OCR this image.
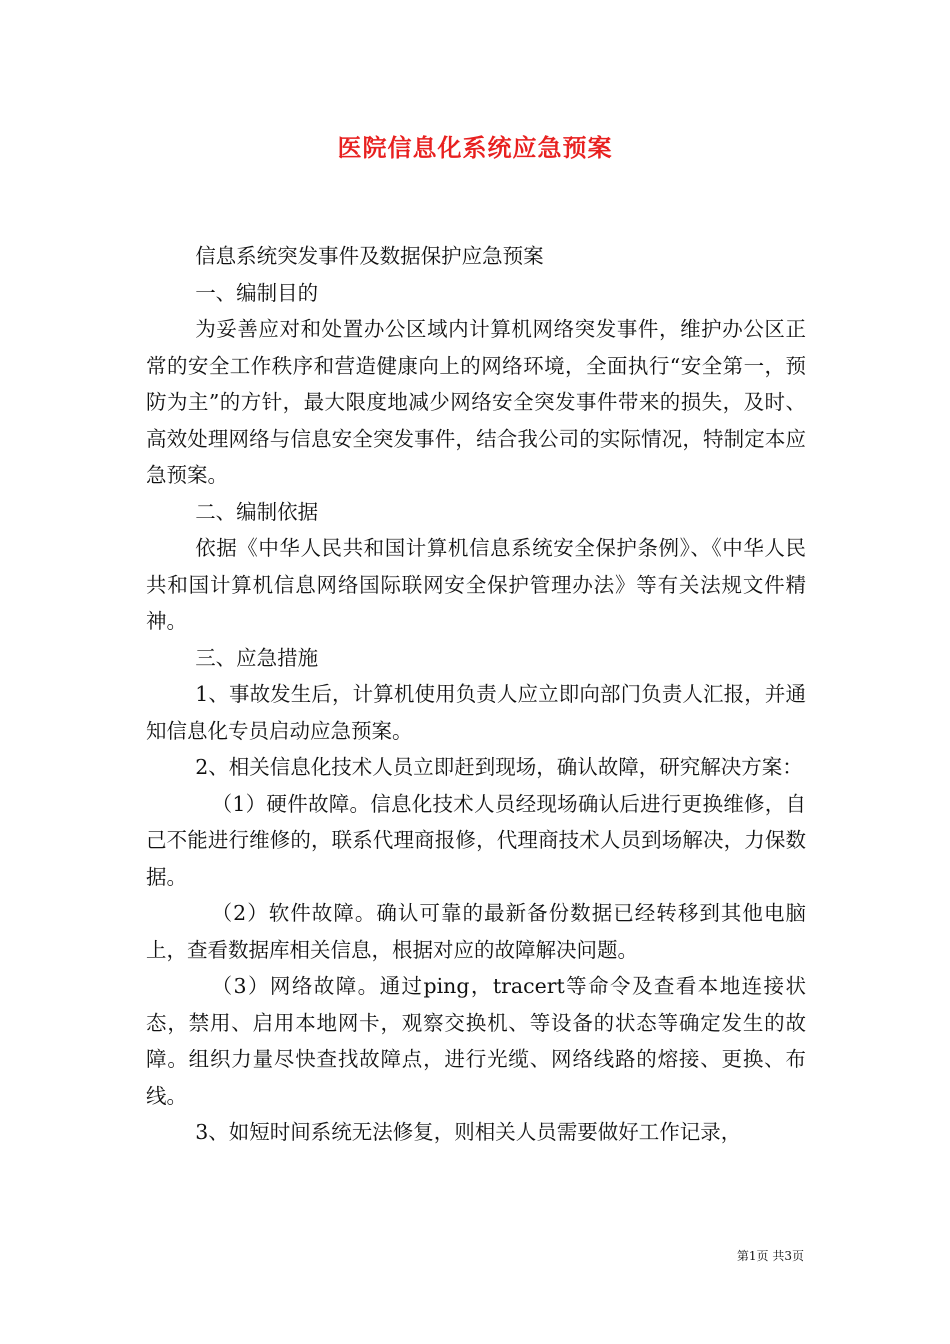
医院信息化系统应急预案

信息系统突发事件及数据保护应急预案

一、编制目的

为妥善应对和处置办公区域内计算机网络突发事件，维护办公区正常的安全工作秩序和营造健康向上的网络环境，全面执行“安全第一，预防为主”的方针，最大限度地减少网络安全突发事件带来的损失，及时、高效处理网络与信息安全突发事件，结合我公司的实际情况，特制定本应急预案。

二、编制依据

依据《中华人民共和国计算机信息系统安全保护条例》、《中华人民共和国计算机信息网络国际联网安全保护管理办法》等有关法规文件精神。

三、应急措施

1、事故发生后，计算机使用负责人应立即向部门负责人汇报，并通知信息化专员启动应急预案。

2、相关信息化技术人员立即赶到现场，确认故障，研究解决方案：

（1）硬件故障。信息化技术人员经现场确认后进行更换维修，自己不能进行维修的，联系代理商报修，代理商技术人员到场解决，力保数据。

（2）软件故障。确认可靠的最新备份数据已经转移到其他电脑上，查看数据库相关信息，根据对应的故障解决问题。

（3）网络故障。通过ping，tracert等命令及查看本地连接状态，禁用、启用本地网卡，观察交换机、等设备的状态等确定发生的故障。组织力量尽快查找故障点，进行光缆、网络线路的熔接、更换、布线。

3、如短时间系统无法修复，则相关人员需要做好工作记录，

第1页 共3页
